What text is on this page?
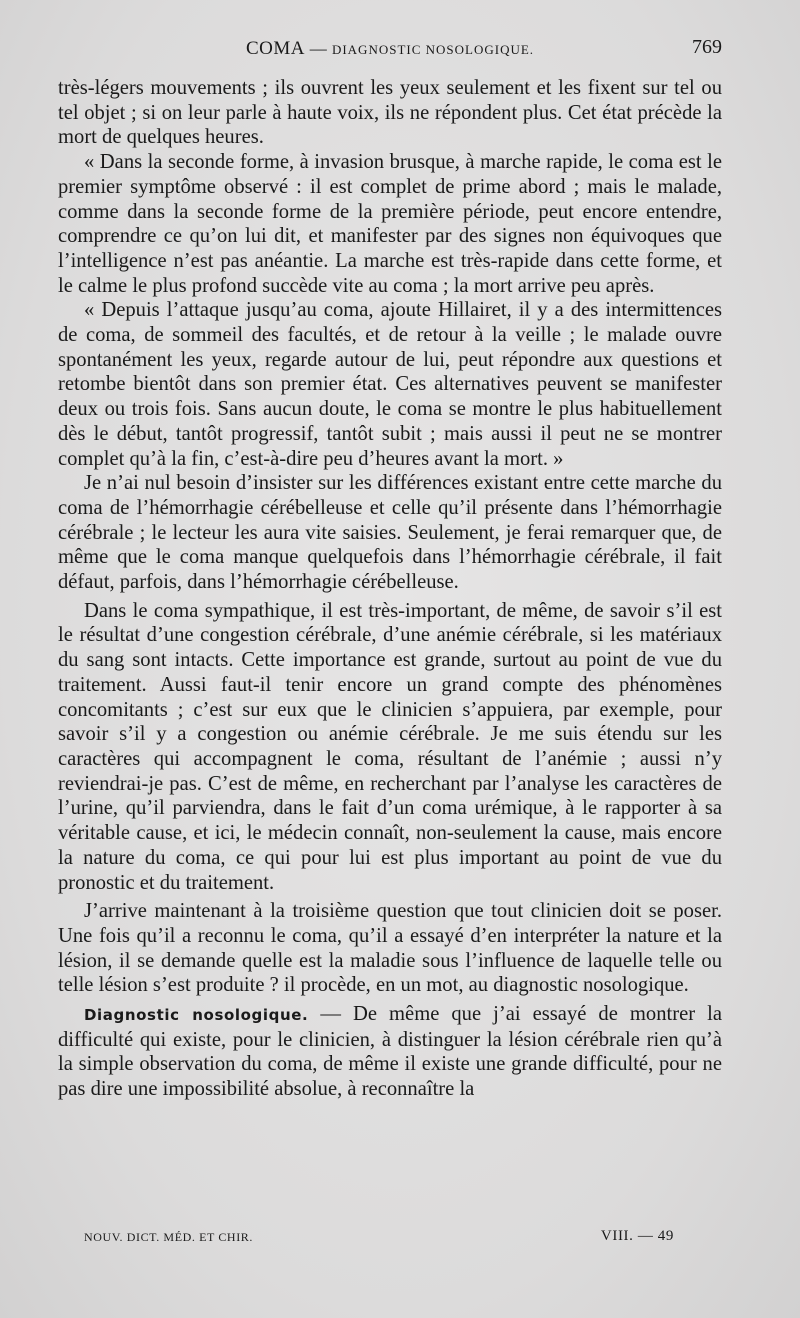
COMA — DIAGNOSTIC NOSOLOGIQUE.	769

très-légers mouvements ; ils ouvrent les yeux seulement et les fixent sur tel ou tel objet ; si on leur parle à haute voix, ils ne répondent plus. Cet état précède la mort de quelques heures.

« Dans la seconde forme, à invasion brusque, à marche rapide, le coma est le premier symptôme observé : il est complet de prime abord ; mais le malade, comme dans la seconde forme de la première période, peut encore entendre, comprendre ce qu’on lui dit, et manifester par des signes non équivoques que l’intelligence n’est pas anéantie. La marche est très-rapide dans cette forme, et le calme le plus profond succède vite au coma ; la mort arrive peu après.

« Depuis l’attaque jusqu’au coma, ajoute Hillairet, il y a des intermittences de coma, de sommeil des facultés, et de retour à la veille ; le malade ouvre spontanément les yeux, regarde autour de lui, peut répondre aux questions et retombe bientôt dans son premier état. Ces alternatives peuvent se manifester deux ou trois fois. Sans aucun doute, le coma se montre le plus habituellement dès le début, tantôt progressif, tantôt subit ; mais aussi il peut ne se montrer complet qu’à la fin, c’est-à-dire peu d’heures avant la mort. »

Je n’ai nul besoin d’insister sur les différences existant entre cette marche du coma de l’hémorrhagie cérébelleuse et celle qu’il présente dans l’hémorrhagie cérébrale ; le lecteur les aura vite saisies. Seulement, je ferai remarquer que, de même que le coma manque quelquefois dans l’hémorrhagie cérébrale, il fait défaut, parfois, dans l’hémorrhagie cérébelleuse.

Dans le coma sympathique, il est très-important, de même, de savoir s’il est le résultat d’une congestion cérébrale, d’une anémie cérébrale, si les matériaux du sang sont intacts. Cette importance est grande, surtout au point de vue du traitement. Aussi faut-il tenir encore un grand compte des phénomènes concomitants ; c’est sur eux que le clinicien s’appuiera, par exemple, pour savoir s’il y a congestion ou anémie cérébrale. Je me suis étendu sur les caractères qui accompagnent le coma, résultant de l’anémie ; aussi n’y reviendrai-je pas. C’est de même, en recherchant par l’analyse les caractères de l’urine, qu’il parviendra, dans le fait d’un coma urémique, à le rapporter à sa véritable cause, et ici, le médecin connaît, non-seulement la cause, mais encore la nature du coma, ce qui pour lui est plus important au point de vue du pronostic et du traitement.

J’arrive maintenant à la troisième question que tout clinicien doit se poser. Une fois qu’il a reconnu le coma, qu’il a essayé d’en interpréter la nature et la lésion, il se demande quelle est la maladie sous l’influence de laquelle telle ou telle lésion s’est produite ? il procède, en un mot, au diagnostic nosologique.

Diagnostic nosologique. — De même que j’ai essayé de montrer la difficulté qui existe, pour le clinicien, à distinguer la lésion cérébrale rien qu’à la simple observation du coma, de même il existe une grande difficulté, pour ne pas dire une impossibilité absolue, à reconnaître la

NOUV. DICT. MÉD. ET CHIR.	VIII. — 49
